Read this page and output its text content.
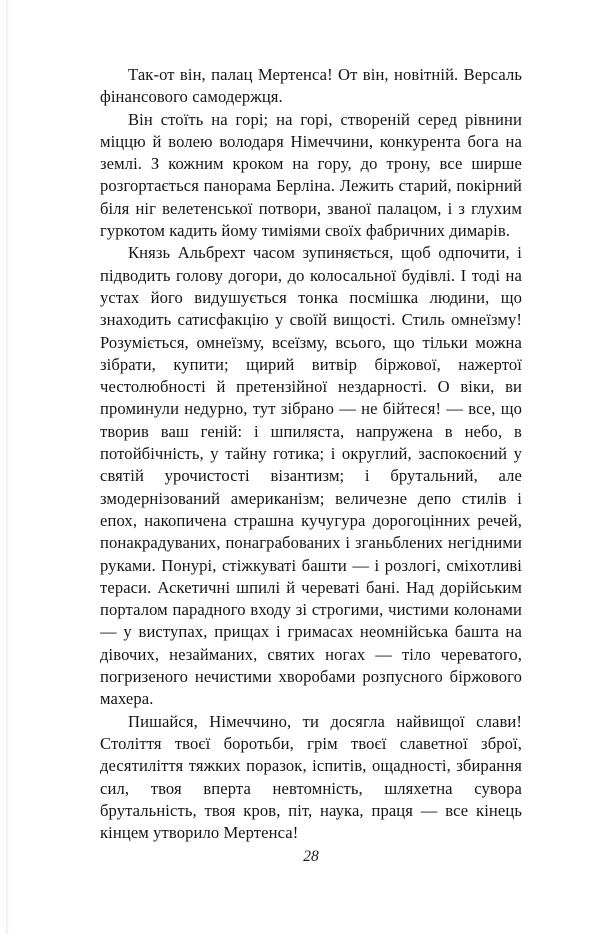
Так-от він, палац Мертенса! От він, новітній. Версаль фінансового самодержця.

Він стоїть на горі; на горі, створеній серед рівнини міццю й волею володаря Німеччини, конкурента бога на землі. З кожним кроком на гору, до трону, все ширше розгортається панорама Берліна. Лежить старий, покірний біля ніг велетенської потвори, званої палацом, і з глухим гуркотом кадить йому тиміями своїх фабричних димарів.

Князь Альбрехт часом зупиняється, щоб одпочити, і підводить голову догори, до колосальної будівлі. І тоді на устах його видушується тонка посмішка людини, що знаходить сатисфакцію у своїй вищості. Стиль омнеїзму! Розуміється, омнеїзму, всеїзму, всього, що тільки можна зібрати, купити; щирий витвір біржової, нажертої честолюбності й претензійної нездарності. О віки, ви проминули недурно, тут зібрано — не бійтеся! — все, що творив ваш геній: і шпиляста, напружена в небо, в потойбічність, у тайну готика; і округлий, заспокоєний у святій урочистості візантизм; і брутальний, але змодернізований американізм; величезне депо стилів і епох, накопичена страшна кучугура дорогоцінних речей, понакрадуваних, понаграбованих і зганьблених негідними руками. Понурі, стіжкуваті башти — і розлогі, сміхотливі тераси. Аскетичні шпилі й череваті бані. Над дорійським порталом парадного входу зі строгими, чистими колонами — у виступах, прищах і гримасах неомнійська башта на дівочих, незайманих, святих ногах — тіло череватого, погризеного нечистими хворобами розпусного біржового махера.

Пишайся, Німеччино, ти досягла найвищої слави! Століття твоєї боротьби, грім твоєї славетної зброї, десятиліття тяжких поразок, іспитів, ощадності, збирання сил, твоя вперта невтомність, шляхетна сувора брутальність, твоя кров, піт, наука, праця — все кінець кінцем утворило Мертенса!

28
